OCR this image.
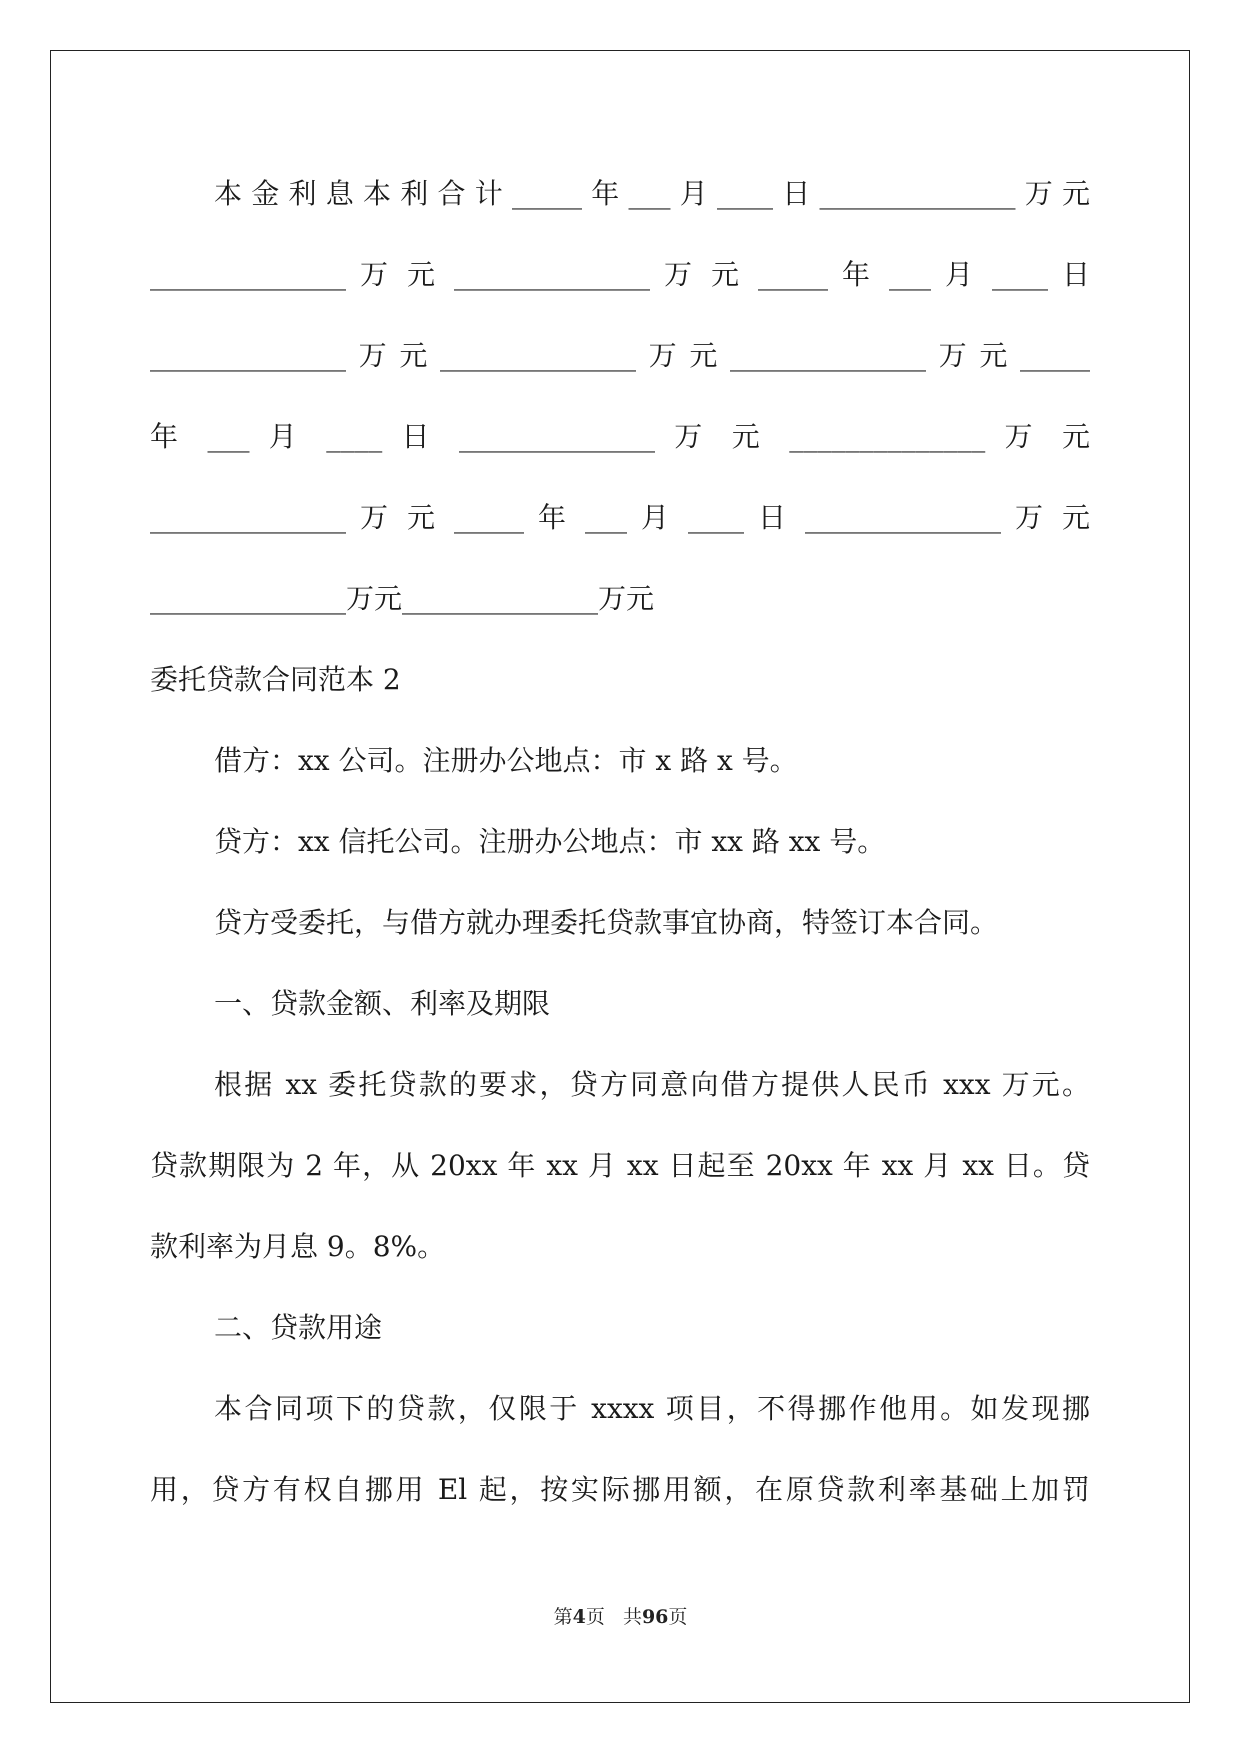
本金利息本利合计_____年___月____日______________万元
______________ 万 元 ______________ 万 元 _____ 年 ___ 月 ____ 日
______________万元______________万元______________万元_____
年 ___ 月 ____ 日 ______________ 万 元 ______________ 万 元
______________ 万 元 _____ 年 ___ 月 ____ 日 ______________ 万 元
______________万元______________万元
委托贷款合同范本 2
借方：xx 公司。注册办公地点：市 x 路 x 号。
贷方：xx 信托公司。注册办公地点：市 xx 路 xx 号。
贷方受委托，与借方就办理委托贷款事宜协商，特签订本合同。
一、贷款金额、利率及期限
根据 xx 委托贷款的要求，贷方同意向借方提供人民币 xxx 万元。
贷款期限为 2 年，从 20xx 年 xx 月 xx 日起至 20xx 年 xx 月 xx 日。贷
款利率为月息 9。8%。
二、贷款用途
本合同项下的贷款，仅限于 xxxx 项目，不得挪作他用。如发现挪
用，贷方有权自挪用 El 起，按实际挪用额，在原贷款利率基础上加罚
第4页   共96页
